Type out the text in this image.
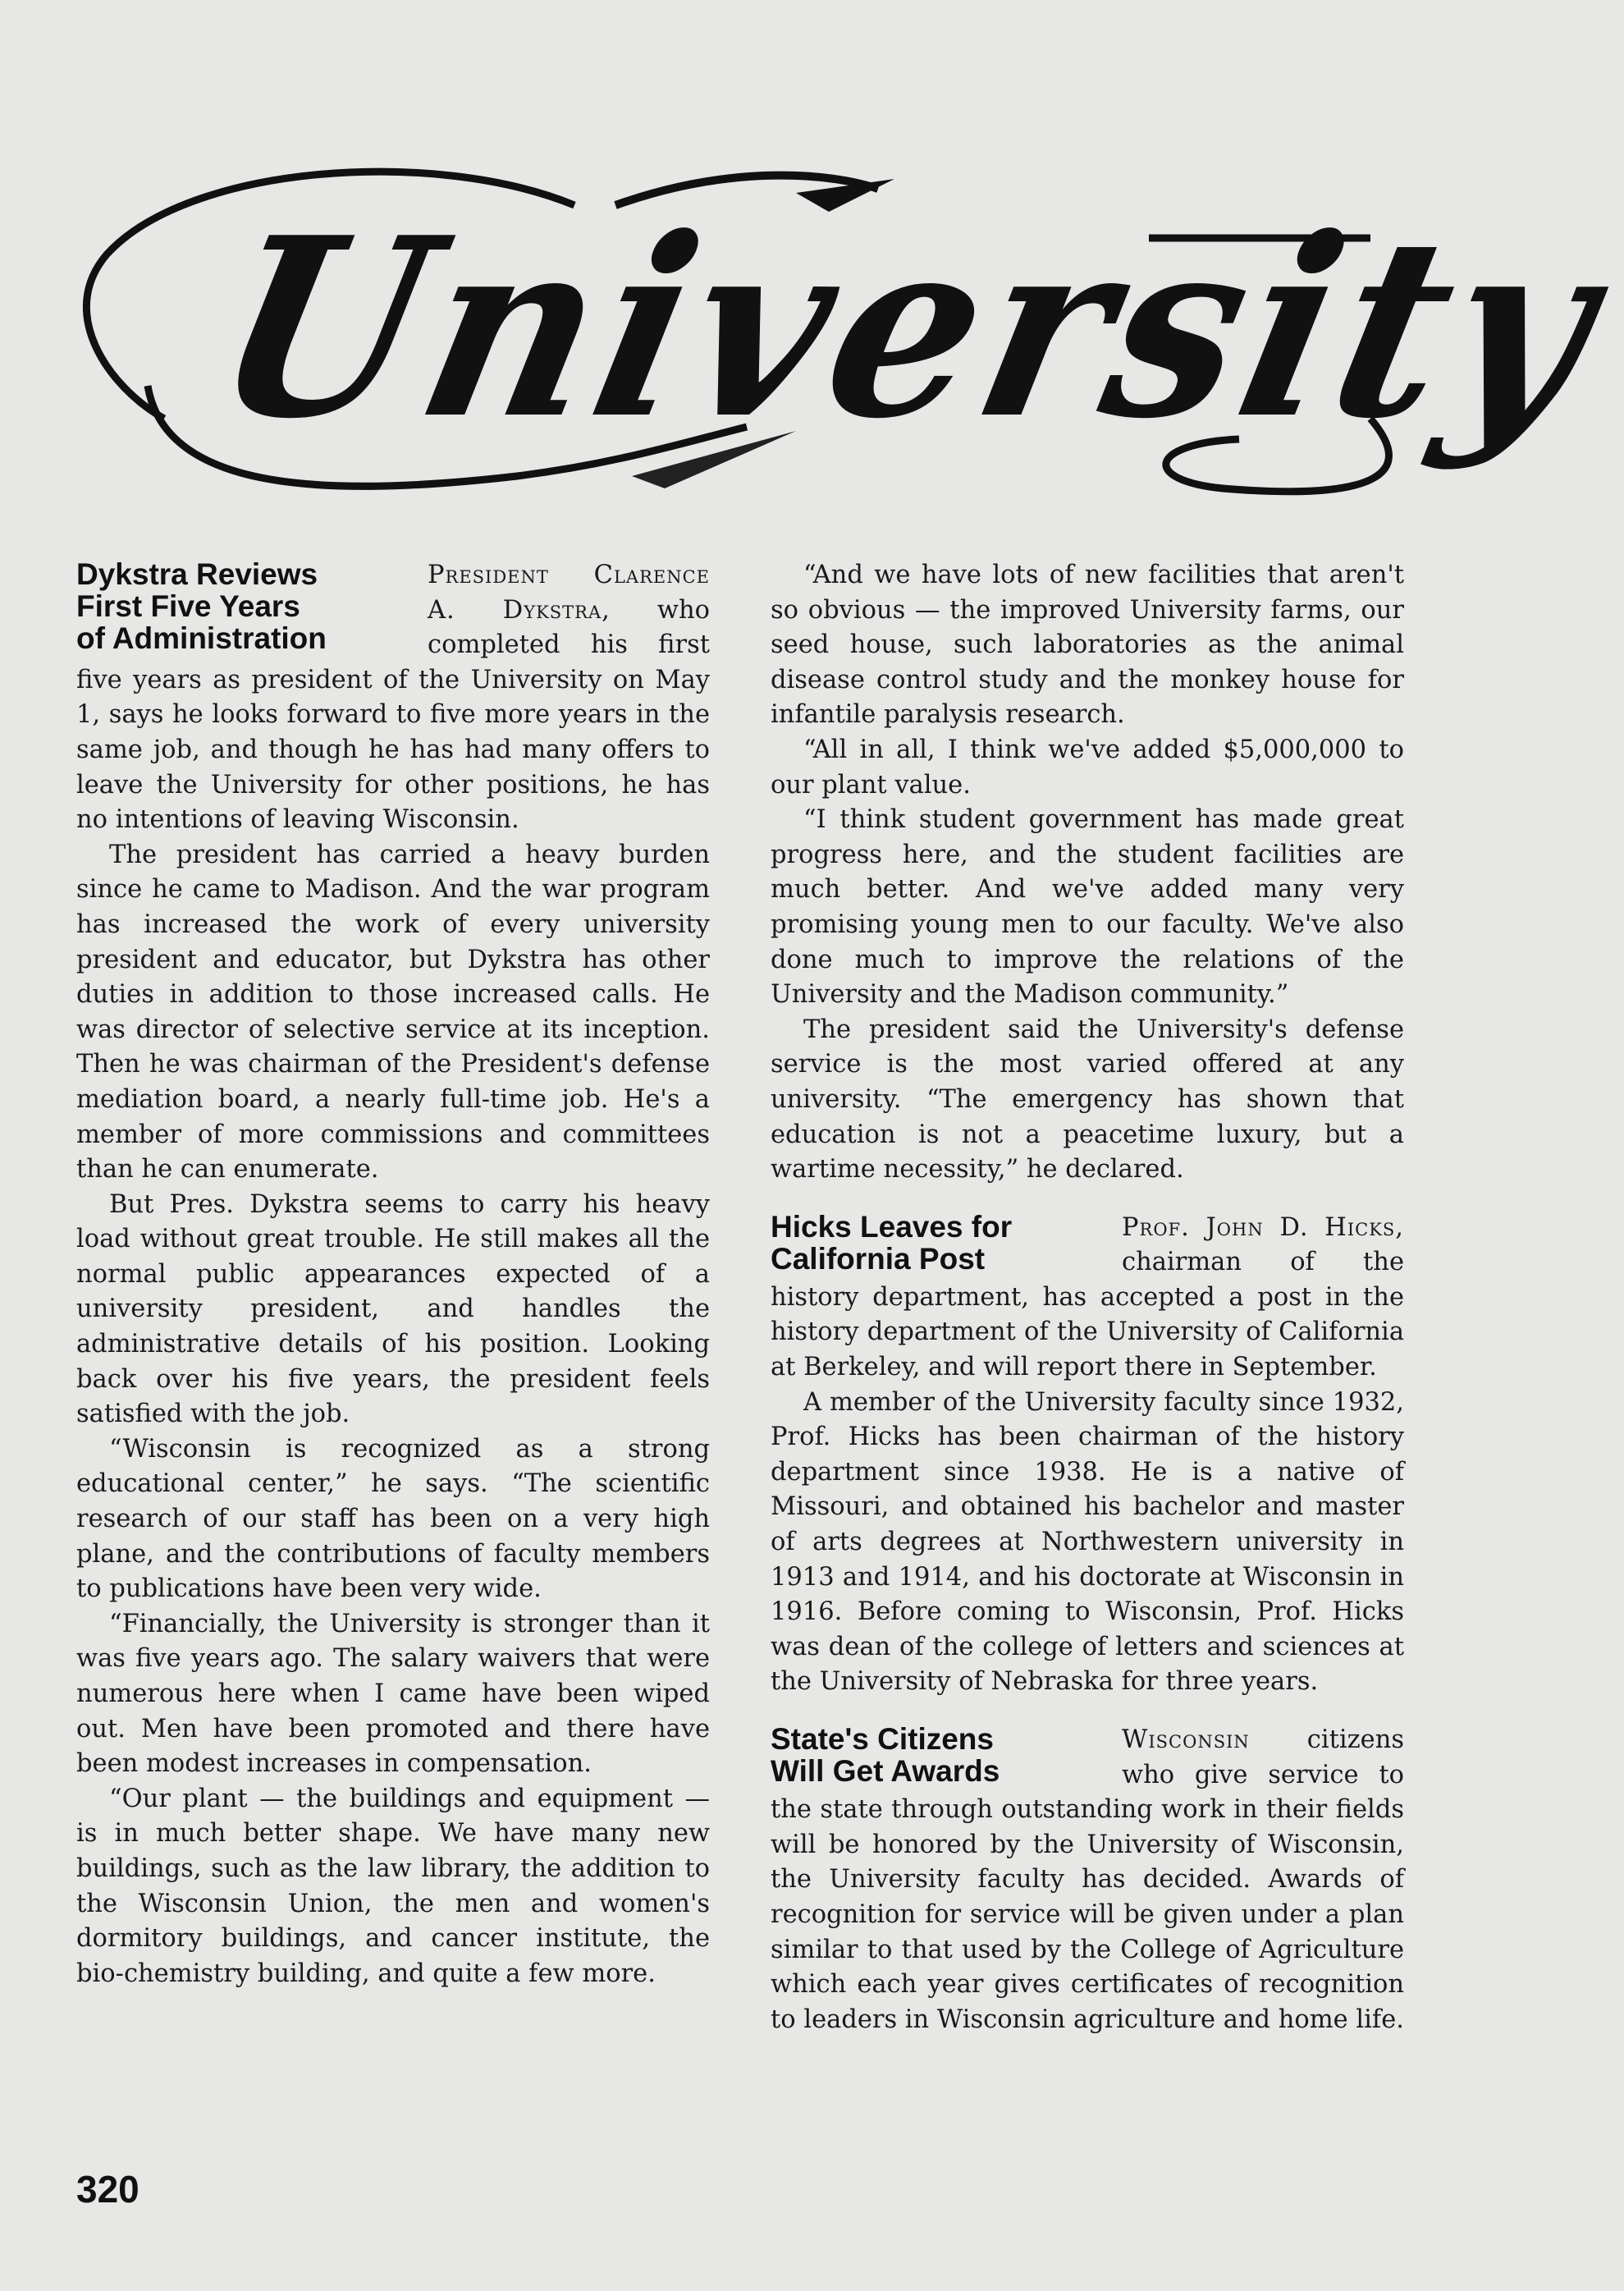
University
Dykstra Reviews
First Five Years
of Administration

President Clarence A. Dykstra, who completed his first five years as president of the University on May 1, says he looks forward to five more years in the same job, and though he has had many offers to leave the University for other positions, he has no intentions of leaving Wisconsin.

The president has carried a heavy burden since he came to Madison. And the war program has increased the work of every university president and educator, but Dykstra has other duties in addition to those increased calls. He was director of selective service at its inception. Then he was chairman of the President's defense mediation board, a nearly full-time job. He's a member of more commissions and committees than he can enumerate.

But Pres. Dykstra seems to carry his heavy load without great trouble. He still makes all the normal public appearances expected of a university president, and handles the administrative details of his position. Looking back over his five years, the president feels satisfied with the job.

“Wisconsin is recognized as a strong educational center,” he says. “The scientific research of our staff has been on a very high plane, and the contributions of faculty members to publications have been very wide.

“Financially, the University is stronger than it was five years ago. The salary waivers that were numerous here when I came have been wiped out. Men have been promoted and there have been modest increases in compensation.

“Our plant — the buildings and equipment — is in much better shape. We have many new buildings, such as the law library, the addition to the Wisconsin Union, the men and women's dormitory buildings, and cancer institute, the bio-chemistry building, and quite a few more.

“And we have lots of new facilities that aren't so obvious — the improved University farms, our seed house, such laboratories as the animal disease control study and the monkey house for infantile paralysis research.

“All in all, I think we've added $5,000,000 to our plant value.

“I think student government has made great progress here, and the student facilities are much better. And we've added many very promising young men to our faculty. We've also done much to improve the relations of the University and the Madison community.”

The president said the University's defense service is the most varied offered at any university. “The emergency has shown that education is not a peacetime luxury, but a wartime necessity,” he declared.

Hicks Leaves for
California Post

Prof. John D. Hicks, chairman of the history department, has accepted a post in the history department of the University of California at Berkeley, and will report there in September.

A member of the University faculty since 1932, Prof. Hicks has been chairman of the history department since 1938. He is a native of Missouri, and obtained his bachelor and master of arts degrees at Northwestern university in 1913 and 1914, and his doctorate at Wisconsin in 1916. Before coming to Wisconsin, Prof. Hicks was dean of the college of letters and sciences at the University of Nebraska for three years.

State's Citizens
Will Get Awards

Wisconsin citizens who give service to the state through outstanding work in their fields will be honored by the University of Wisconsin, the University faculty has decided. Awards of recognition for service will be given under a plan similar to that used by the College of Agriculture which each year gives certificates of recognition to leaders in Wisconsin agriculture and home life.

320
